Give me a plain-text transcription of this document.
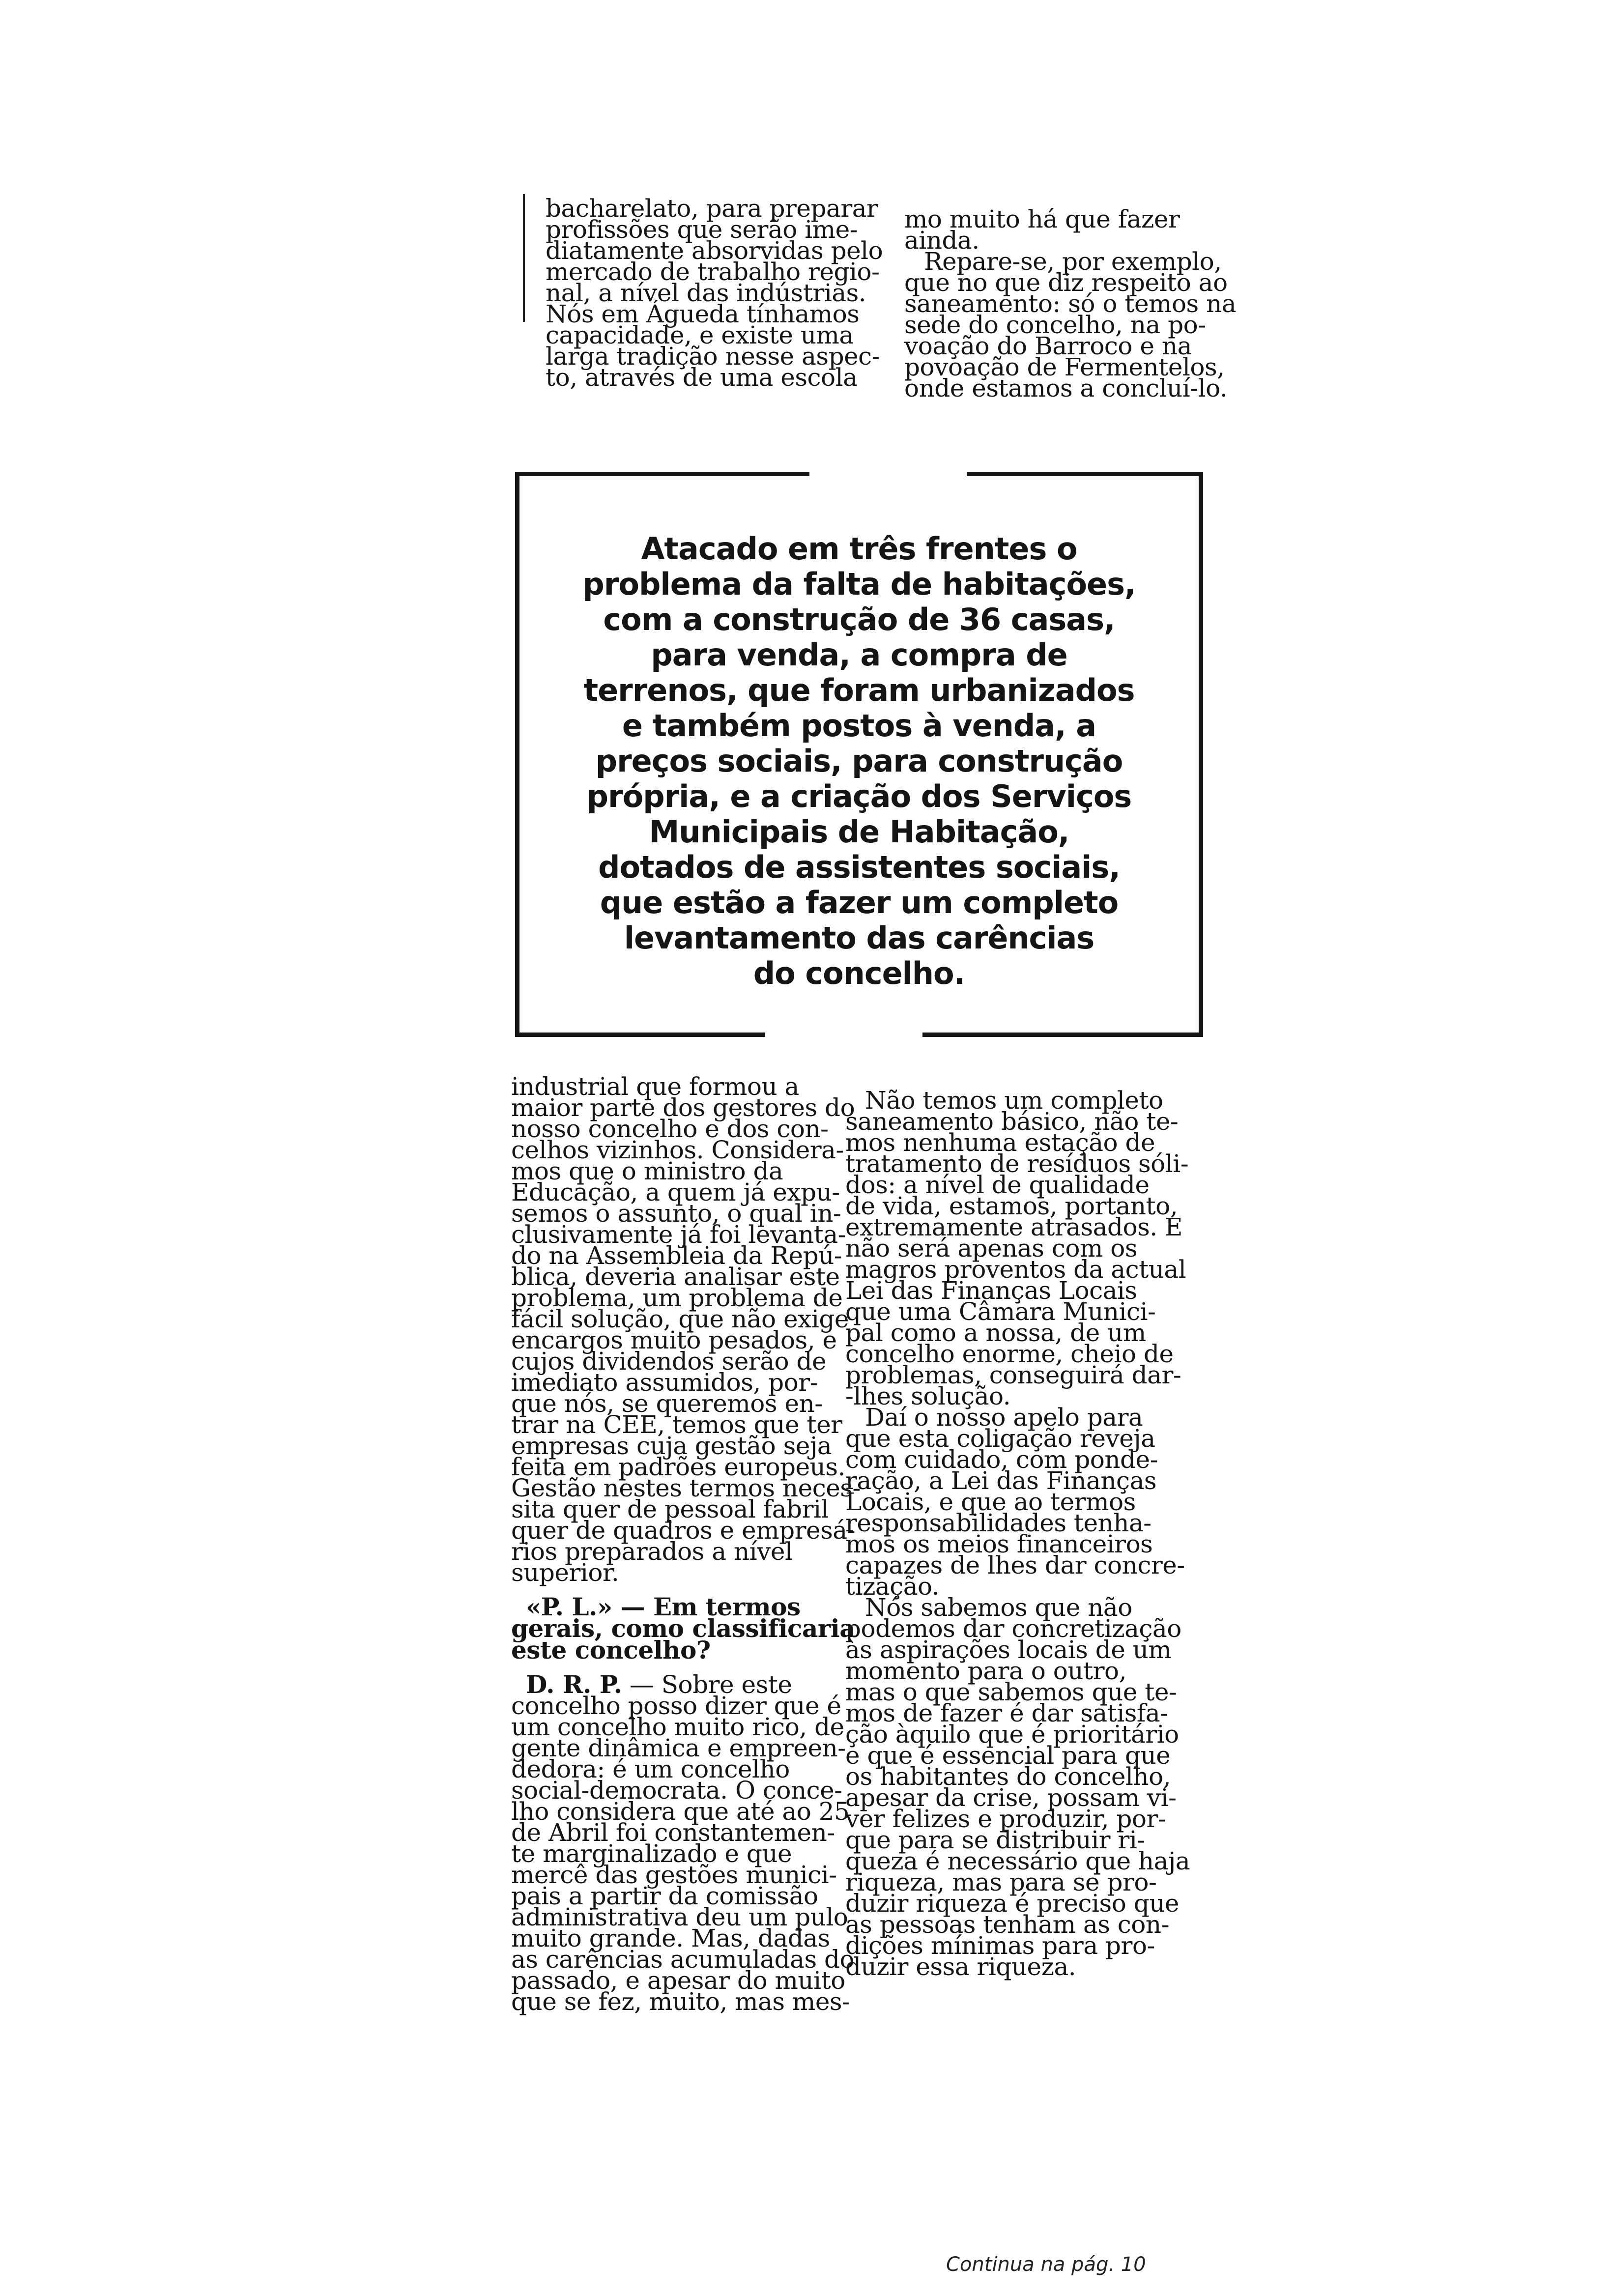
bacharelato, para preparar

profissões que serão ime-

diatamente absorvidas pelo

mercado de trabalho regio-

nal, a nível das indústrias.

Nós em Águeda tínhamos

capacidade, e existe uma

larga tradição nesse aspec-

to, através de uma escola

mo muito há que fazer

ainda.

Repare-se, por exemplo,

que no que diz respeito ao

saneamento: só o temos na

sede do concelho, na po-

voação do Barroco e na

povoação de Fermentelos,

onde estamos a concluí-lo.

Atacado em três frentes o
problema da falta de habitações,
com a construção de 36 casas,
para venda, a compra de
terrenos, que foram urbanizados
e também postos à venda, a
preços sociais, para construção
própria, e a criação dos Serviços
Municipais de Habitação,
dotados de assistentes sociais,
que estão a fazer um completo
levantamento das carências
do concelho.

industrial que formou a

maior parte dos gestores do

nosso concelho e dos con-

celhos vizinhos. Considera-

mos que o ministro da

Educação, a quem já expu-

semos o assunto, o qual in-

clusivamente já foi levanta-

do na Assembleia da Repú-

blica, deveria analisar este

problema, um problema de

fácil solução, que não exige

encargos muito pesados, e

cujos dividendos serão de

imediato assumidos, por-

que nós, se queremos en-

trar na CEE, temos que ter

empresas cuja gestão seja

feita em padrões europeus.

Gestão nestes termos neces-

sita quer de pessoal fabril

quer de quadros e empresá-

rios preparados a nível

superior.

«P. L.» — Em termos

gerais, como classificaria

este concelho?

D. R. P. — Sobre este

concelho posso dizer que é

um concelho muito rico, de

gente dinâmica e empreen-

dedora: é um concelho

social-democrata. O conce-

lho considera que até ao 25

de Abril foi constantemen-

te marginalizado e que

mercê das gestões munici-

pais a partir da comissão

administrativa deu um pulo

muito grande. Mas, dadas

as carências acumuladas do

passado, e apesar do muito

que se fez, muito, mas mes-

Não temos um completo

saneamento básico, não te-

mos nenhuma estação de

tratamento de resíduos sóli-

dos: a nível de qualidade

de vida, estamos, portanto,

extremamente atrasados. E

não será apenas com os

magros proventos da actual

Lei das Finanças Locais

que uma Câmara Munici-

pal como a nossa, de um

concelho enorme, cheio de

problemas, conseguirá dar-

-lhes solução.

Daí o nosso apelo para

que esta coligação reveja

com cuidado, com ponde-

ração, a Lei das Finanças

Locais, e que ao termos

responsabilidades tenha-

mos os meios financeiros

capazes de lhes dar concre-

tização.

Nós sabemos que não

podemos dar concretização

às aspirações locais de um

momento para o outro,

mas o que sabemos que te-

mos de fazer é dar satisfa-

ção àquilo que é prioritário

e que é essencial para que

os habitantes do concelho,

apesar da crise, possam vi-

ver felizes e produzir, por-

que para se distribuir ri-

queza é necessário que haja

riqueza, mas para se pro-

duzir riqueza é preciso que

as pessoas tenham as con-

dições mínimas para pro-

duzir essa riqueza.

Continua na pág. 10
